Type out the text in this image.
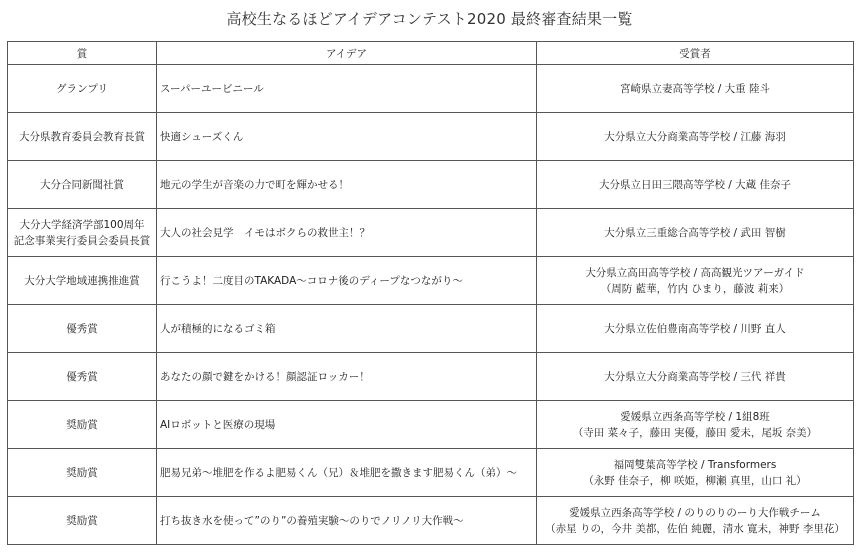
高校生なるほどアイデアコンテスト2020 最終審査結果一覧
賞	アイデア	受賞者

グランプリ	スーパーユービニール	宮崎県立妻高等学校 / 大重 陸斗

大分県教育委員会教育長賞	快適シューズくん	大分県立大分商業高等学校 / 江藤 海羽

大分合同新聞社賞	地元の学生が音楽の力で町を輝かせる！	大分県立日田三隈高等学校 / 大蔵 佳奈子

大分大学経済学部100周年
記念事業実行委員会委員長賞	大人の社会見学　イモはボクらの救世主！？	大分県立三重総合高等学校 / 武田 智樹

大分大学地域連携推進賞	行こうよ！二度目のTAKADA～コロナ後のディープなつながり～	大分県立高田高等学校 / 高高観光ツアーガイド
（周防 藍華，竹内 ひまり，藤波 莉来）

優秀賞	人が積極的になるゴミ箱	大分県立佐伯豊南高等学校 / 川野 直人

優秀賞	あなたの顔で鍵をかける！顔認証ロッカー！	大分県立大分商業高等学校 / 三代 祥貴

奨励賞	AIロボットと医療の現場	愛媛県立西条高等学校 / 1組8班
（寺田 菜々子，藤田 実優，藤田 愛未，尾坂 奈美）

奨励賞	肥易兄弟～堆肥を作るよ肥易くん（兄）＆堆肥を撒きます肥易くん（弟）～	福岡雙葉高等学校 / Transformers
（永野 佳奈子，柳 咲姫，柳瀬 真里，山口 礼）

奨励賞	打ち抜き水を使って”のり”の養殖実験～のりでノリノリ大作戦～	愛媛県立西条高等学校 / のりのりのーり大作戦チーム
（赤星 りの，今井 美都，佐伯 純麗，清水 寛未，神野 李里花）
